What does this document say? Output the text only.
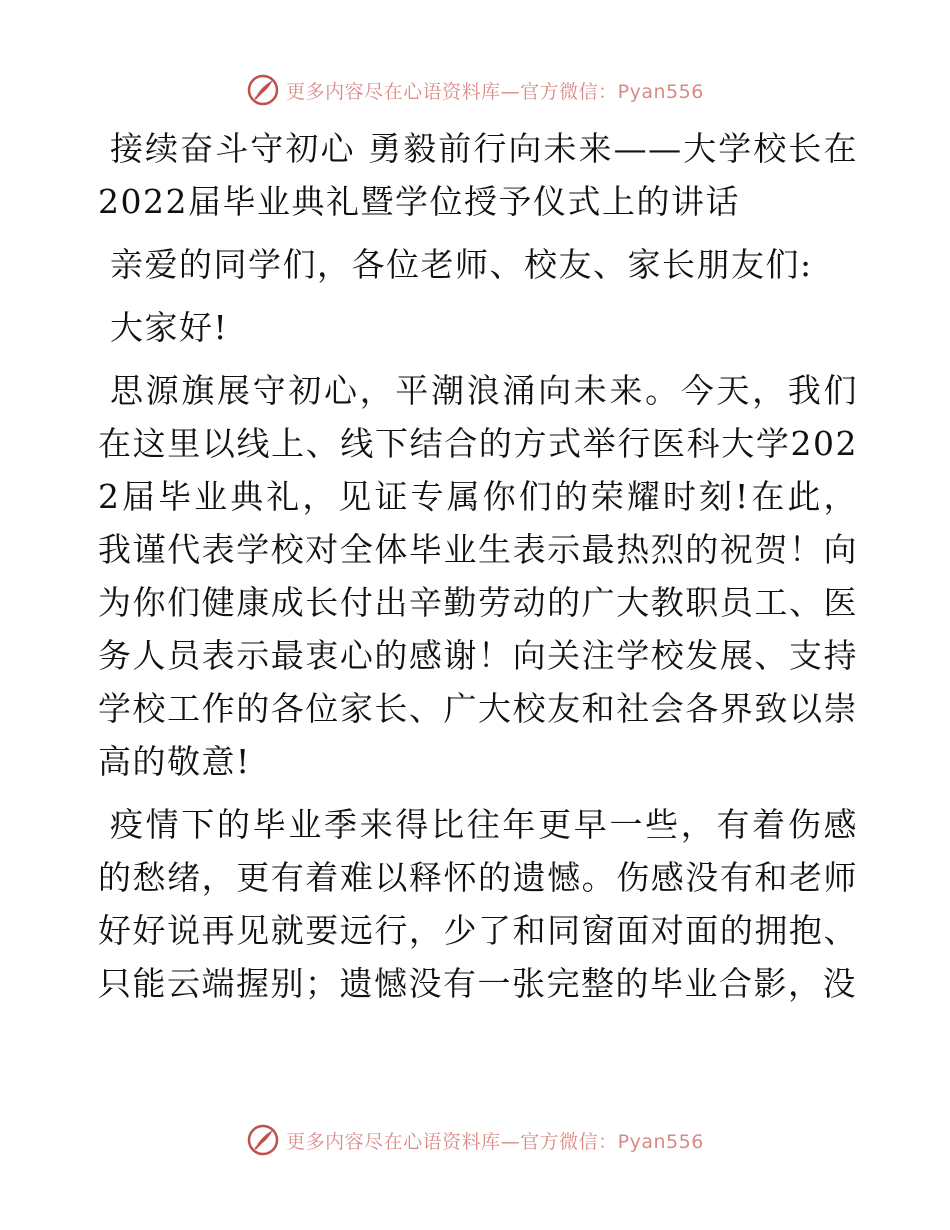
更多内容尽在心语资料库—官方微信：Pyan556

接续奋斗守初心 勇毅前行向未来——大学校长在2022届毕业典礼暨学位授予仪式上的讲话

亲爱的同学们，各位老师、校友、家长朋友们:

大家好!

思源旗展守初心，平潮浪涌向未来。今天，我们在这里以线上、线下结合的方式举行医科大学2022届毕业典礼，见证专属你们的荣耀时刻!在此，我谨代表学校对全体毕业生表示最热烈的祝贺！向为你们健康成长付出辛勤劳动的广大教职员工、医务人员表示最衷心的感谢！向关注学校发展、支持学校工作的各位家长、广大校友和社会各界致以崇高的敬意!

疫情下的毕业季来得比往年更早一些，有着伤感的愁绪，更有着难以释怀的遗憾。伤感没有和老师好好说再见就要远行，少了和同窗面对面的拥抱、只能云端握别；遗憾没有一张完整的毕业合影，没

更多内容尽在心语资料库—官方微信：Pyan556
